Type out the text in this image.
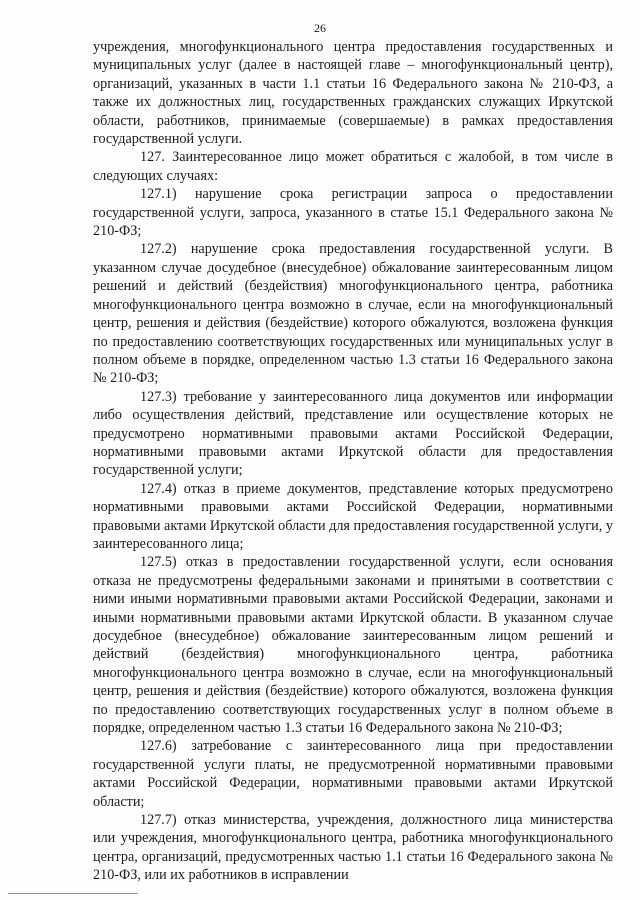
26

учреждения, многофункционального центра предоставления государственных и муниципальных услуг (далее в настоящей главе – многофункциональный центр), организаций, указанных в части 1.1 статьи 16 Федерального закона № 210-ФЗ, а также их должностных лиц, государственных гражданских служащих Иркутской области, работников, принимаемые (совершаемые) в рамках предоставления государственной услуги.

127. Заинтересованное лицо может обратиться с жалобой, в том числе в следующих случаях:

127.1) нарушение срока регистрации запроса о предоставлении государственной услуги, запроса, указанного в статье 15.1 Федерального закона № 210-ФЗ;

127.2) нарушение срока предоставления государственной услуги. В указанном случае досудебное (внесудебное) обжалование заинтересованным лицом решений и действий (бездействия) многофункционального центра, работника многофункционального центра возможно в случае, если на многофункциональный центр, решения и действия (бездействие) которого обжалуются, возложена функция по предоставлению соответствующих государственных или муниципальных услуг в полном объеме в порядке, определенном частью 1.3 статьи 16 Федерального закона № 210-ФЗ;

127.3) требование у заинтересованного лица документов или информации либо осуществления действий, представление или осуществление которых не предусмотрено нормативными правовыми актами Российской Федерации, нормативными правовыми актами Иркутской области для предоставления государственной услуги;

127.4) отказ в приеме документов, представление которых предусмотрено нормативными правовыми актами Российской Федерации, нормативными правовыми актами Иркутской области для предоставления государственной услуги, у заинтересованного лица;

127.5) отказ в предоставлении государственной услуги, если основания отказа не предусмотрены федеральными законами и принятыми в соответствии с ними иными нормативными правовыми актами Российской Федерации, законами и иными нормативными правовыми актами Иркутской области. В указанном случае досудебное (внесудебное) обжалование заинтересованным лицом решений и действий (бездействия) многофункционального центра, работника многофункционального центра возможно в случае, если на многофункциональный центр, решения и действия (бездействие) которого обжалуются, возложена функция по предоставлению соответствующих государственных услуг в полном объеме в порядке, определенном частью 1.3 статьи 16 Федерального закона № 210-ФЗ;

127.6) затребование с заинтересованного лица при предоставлении государственной услуги платы, не предусмотренной нормативными правовыми актами Российской Федерации, нормативными правовыми актами Иркутской области;

127.7) отказ министерства, учреждения, должностного лица министерства или учреждения, многофункционального центра, работника многофункционального центра, организаций, предусмотренных частью 1.1 статьи 16 Федерального закона № 210-ФЗ, или их работников в исправлении
